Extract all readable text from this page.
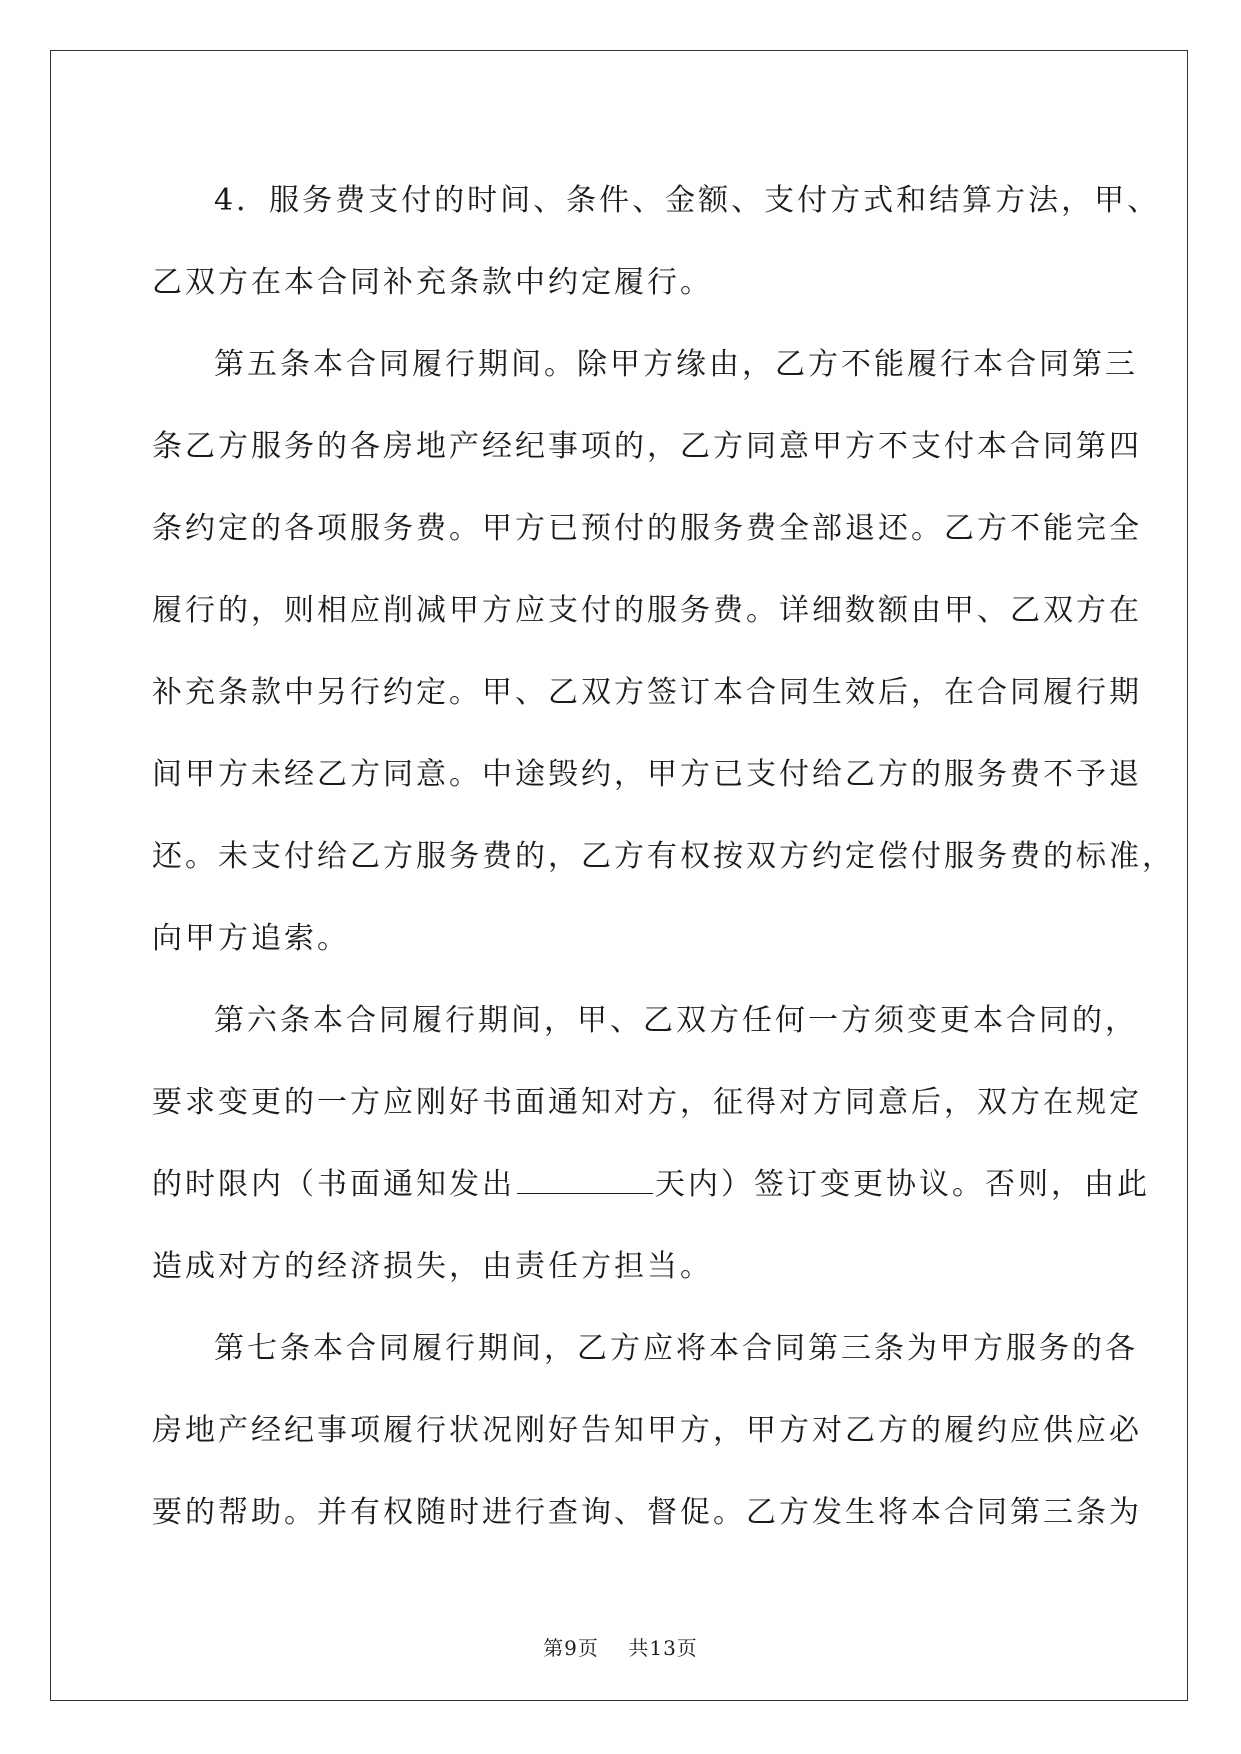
4．服务费支付的时间、条件、金额、支付方式和结算方法，甲、
乙双方在本合同补充条款中约定履行。

第五条本合同履行期间。除甲方缘由，乙方不能履行本合同第三
条乙方服务的各房地产经纪事项的，乙方同意甲方不支付本合同第四
条约定的各项服务费。甲方已预付的服务费全部退还。乙方不能完全
履行的，则相应削减甲方应支付的服务费。详细数额由甲、乙双方在
补充条款中另行约定。甲、乙双方签订本合同生效后，在合同履行期
间甲方未经乙方同意。中途毁约，甲方已支付给乙方的服务费不予退
还。未支付给乙方服务费的，乙方有权按双方约定偿付服务费的标准，
向甲方追索。

第六条本合同履行期间，甲、乙双方任何一方须变更本合同的，
要求变更的一方应刚好书面通知对方，征得对方同意后，双方在规定
的时限内（书面通知发出	天内）签订变更协议。否则，由此
造成对方的经济损失，由责任方担当。

第七条本合同履行期间，乙方应将本合同第三条为甲方服务的各
房地产经纪事项履行状况刚好告知甲方，甲方对乙方的履约应供应必
要的帮助。并有权随时进行查询、督促。乙方发生将本合同第三条为

第9页 共13页
